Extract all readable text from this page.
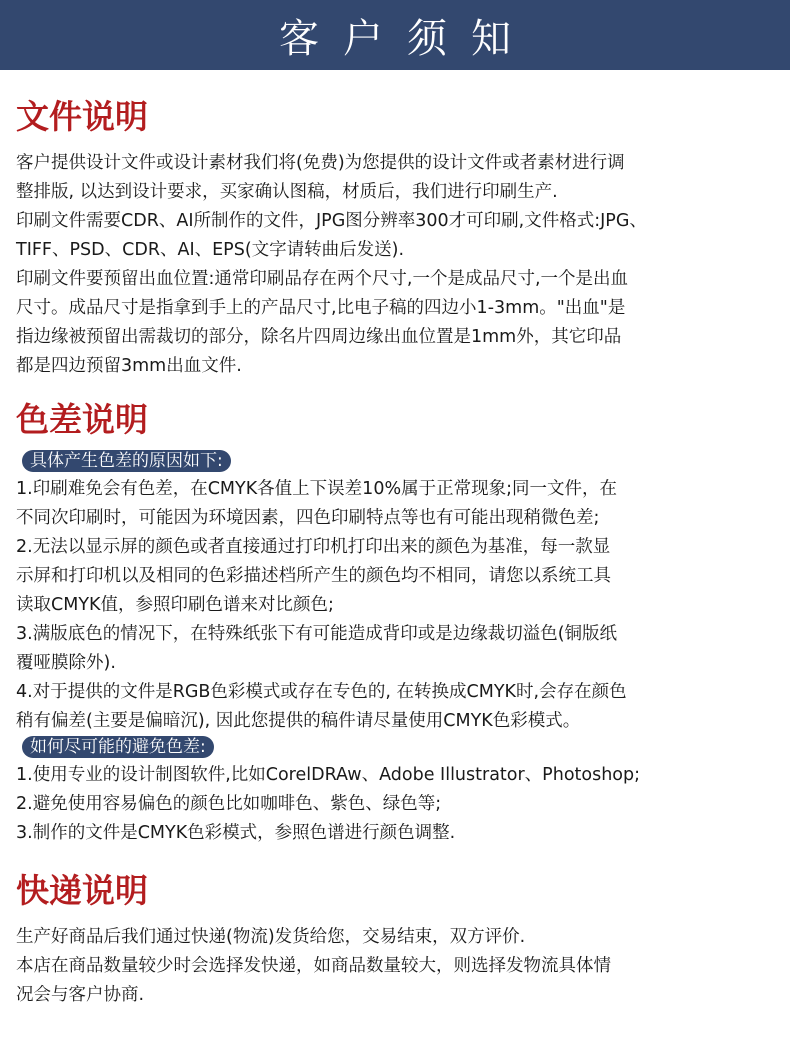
客户须知
文件说明
客户提供设计文件或设计素材我们将(免费)为您提供的设计文件或者素材进行调
整排版, 以达到设计要求，买家确认图稿，材质后，我们进行印刷生产.
印刷文件需要CDR、AI所制作的文件，JPG图分辨率300才可印刷,文件格式:JPG、
TIFF、PSD、CDR、AI、EPS(文字请转曲后发送).
印刷文件要预留出血位置:通常印刷品存在两个尺寸,一个是成品尺寸,一个是出血
尺寸。成品尺寸是指拿到手上的产品尺寸,比电子稿的四边小1-3mm。"出血"是
指边缘被预留出需裁切的部分，除名片四周边缘出血位置是1mm外，其它印品
都是四边预留3mm出血文件.
色差说明
具体产生色差的原因如下:
1.印刷难免会有色差，在CMYK各值上下误差10%属于正常现象;同一文件，在
不同次印刷时，可能因为环境因素，四色印刷特点等也有可能出现稍微色差;
2.无法以显示屏的颜色或者直接通过打印机打印出来的颜色为基准，每一款显
示屏和打印机以及相同的色彩描述档所产生的颜色均不相同，请您以系统工具
读取CMYK值，参照印刷色谱来对比颜色;
3.满版底色的情况下，在特殊纸张下有可能造成背印或是边缘裁切溢色(铜版纸
覆哑膜除外).
4.对于提供的文件是RGB色彩模式或存在专色的, 在转换成CMYK时,会存在颜色
稍有偏差(主要是偏暗沉), 因此您提供的稿件请尽量使用CMYK色彩模式。
如何尽可能的避免色差:
1.使用专业的设计制图软件,比如CorelDRAw、Adobe Illustrator、Photoshop;
2.避免使用容易偏色的颜色比如咖啡色、紫色、绿色等;
3.制作的文件是CMYK色彩模式，参照色谱进行颜色调整.
快递说明
生产好商品后我们通过快递(物流)发货给您，交易结束，双方评价.
本店在商品数量较少时会选择发快递，如商品数量较大，则选择发物流具体情
况会与客户协商.
